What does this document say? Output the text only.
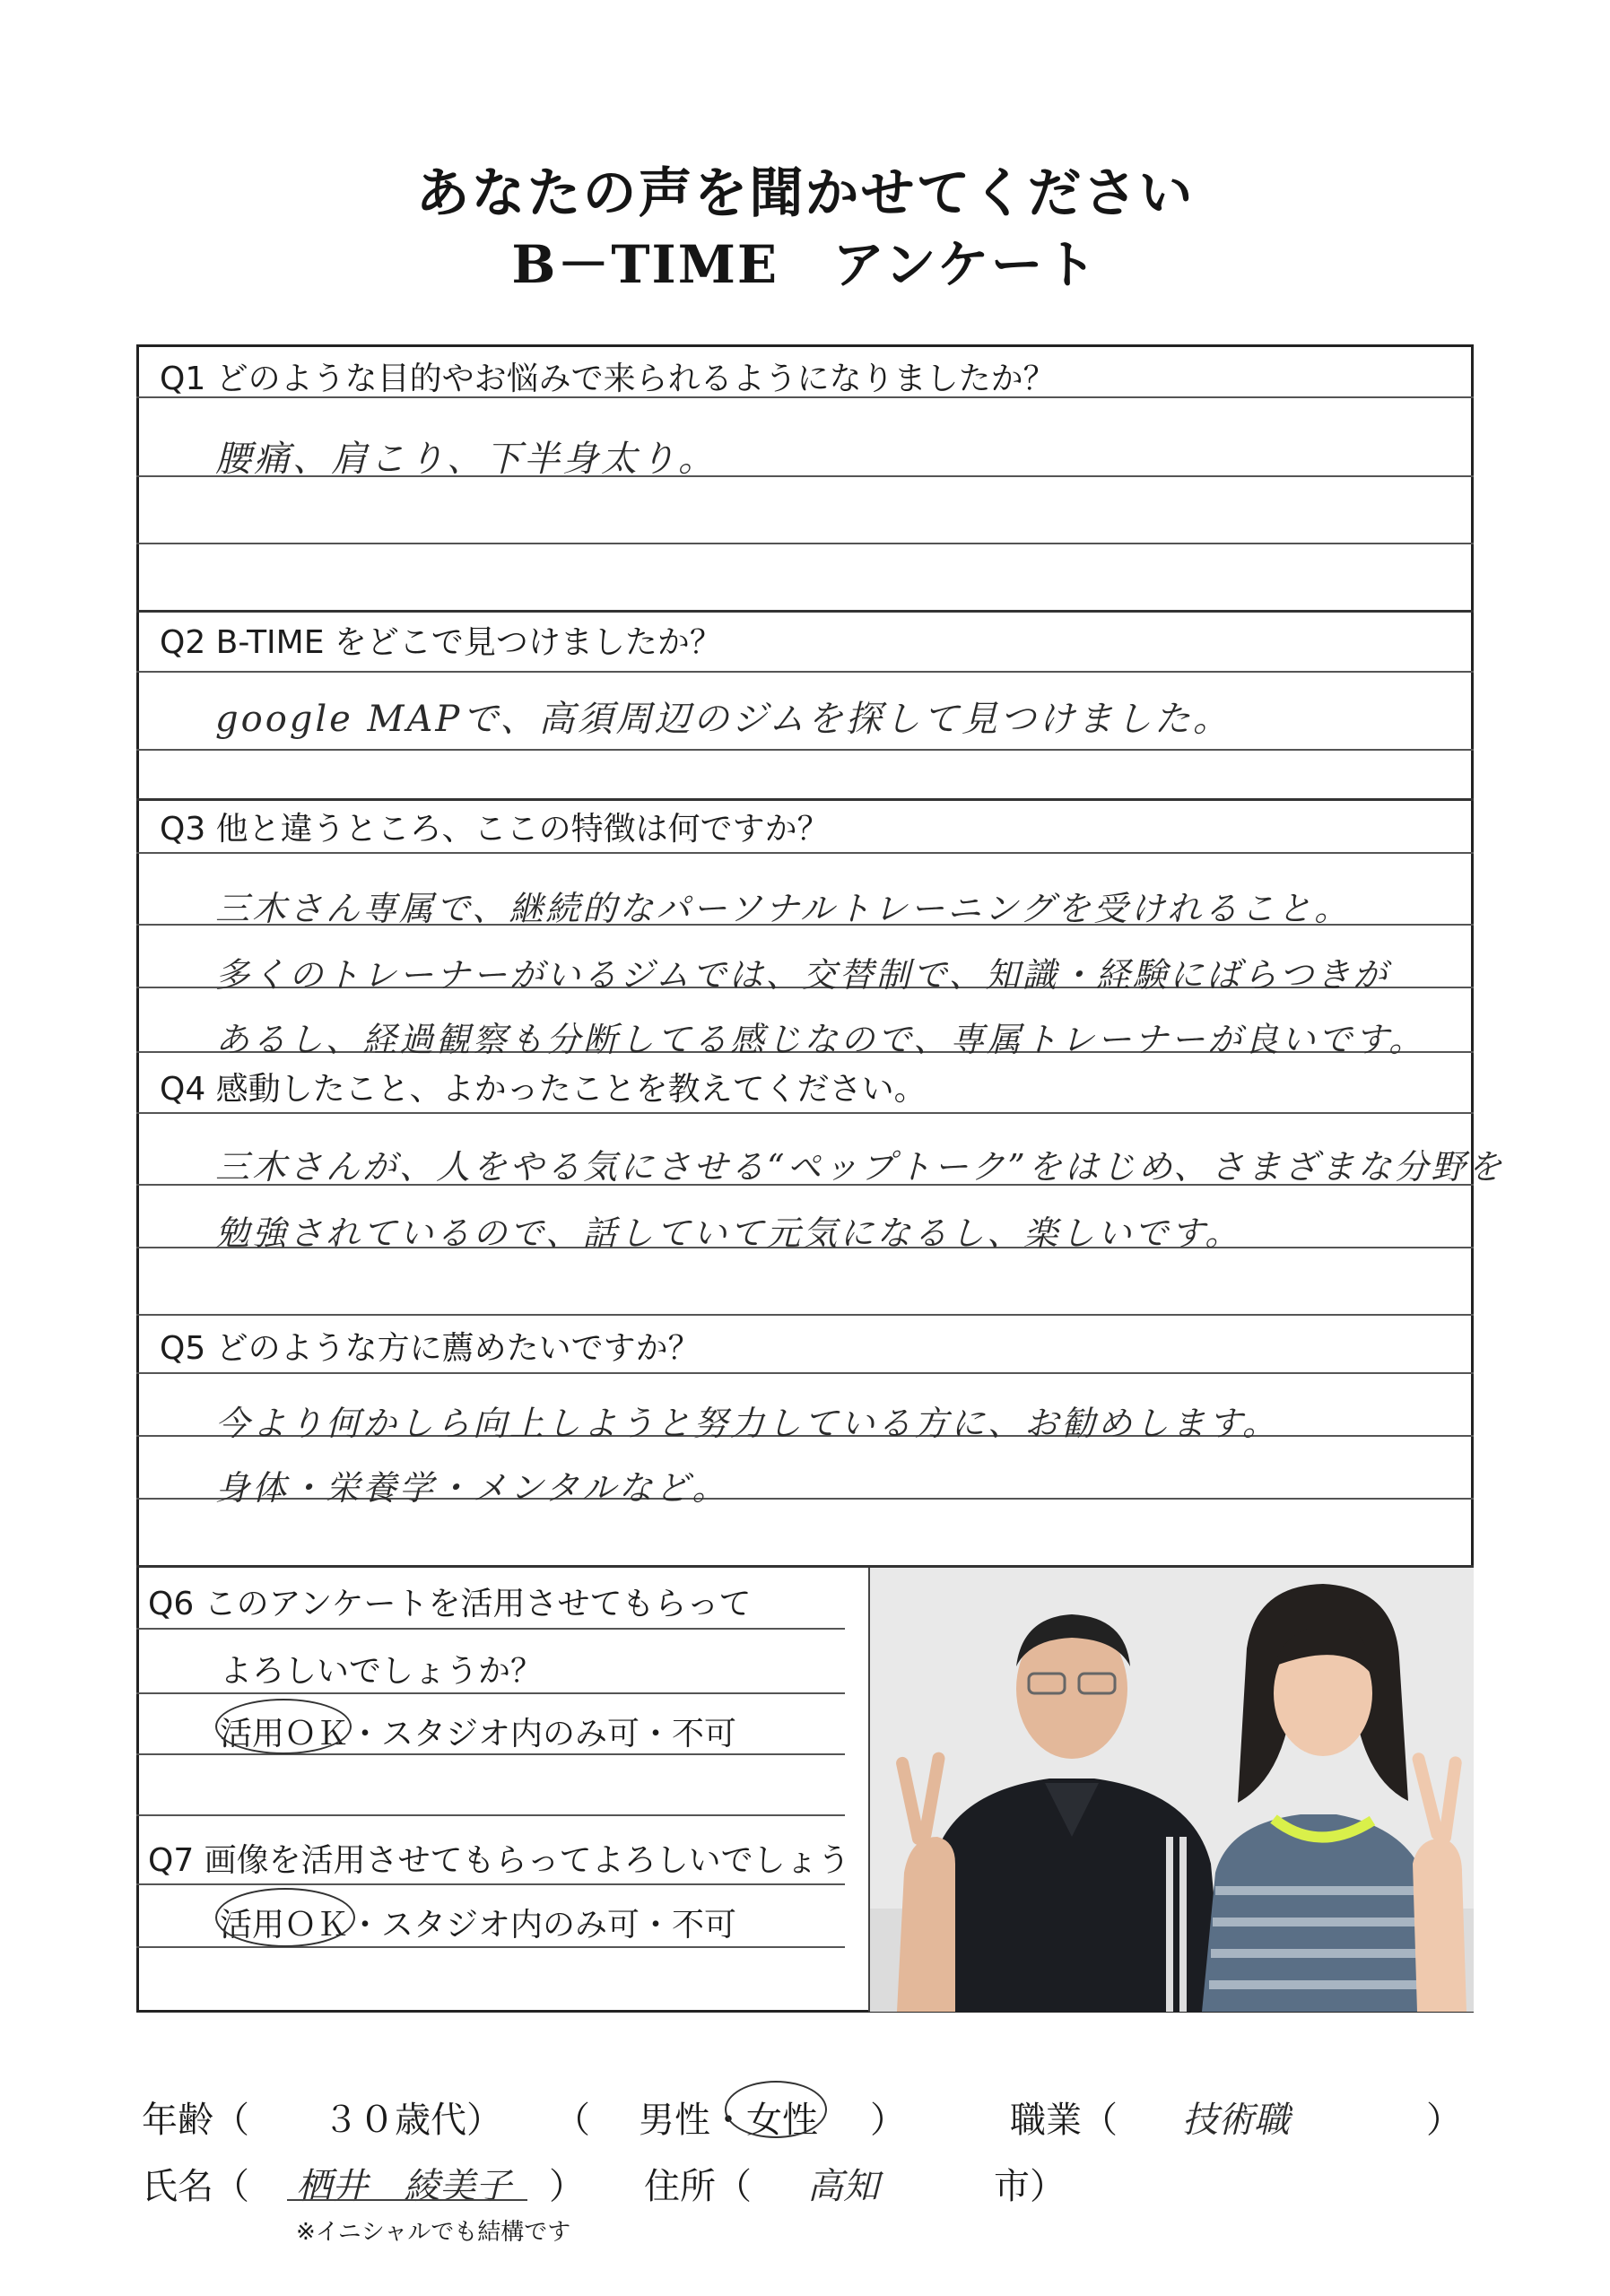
あなたの声を聞かせてください
B－TIME　アンケート
Q1 どのような目的やお悩みで来られるようになりましたか？
腰痛、肩こり、下半身太り。
Q2 B-TIME をどこで見つけましたか？
google MAPで、高須周辺のジムを探して見つけました。
Q3 他と違うところ、ここの特徴は何ですか？
三木さん専属で、継続的なパーソナルトレーニングを受けれること。
多くのトレーナーがいるジムでは、交替制で、知識・経験にばらつきが
あるし、経過観察も分断してる感じなので、専属トレーナーが良いです。
Q4 感動したこと、よかったことを教えてください。
三木さんが、人をやる気にさせる“ペップトーク”をはじめ、さまざまな分野を
勉強されているので、話していて元気になるし、楽しいです。
Q5 どのような方に薦めたいですか？
今より何かしら向上しようと努力している方に、お勧めします。
身体・栄養学・メンタルなど。
Q6 このアンケートを活用させてもらって
よろしいでしょうか？
活用ＯＫ・スタジオ内のみ可・不可
Q7 画像を活用させてもらってよろしいでしょう
活用ＯＫ・スタジオ内のみ可・不可
年齢（ ３０歳代） （ 男性・女性 ）	職業（ 技術職	）
氏名（ 栖井　綾美子 ） 住所（ 高知	市）
※イニシャルでも結構です
